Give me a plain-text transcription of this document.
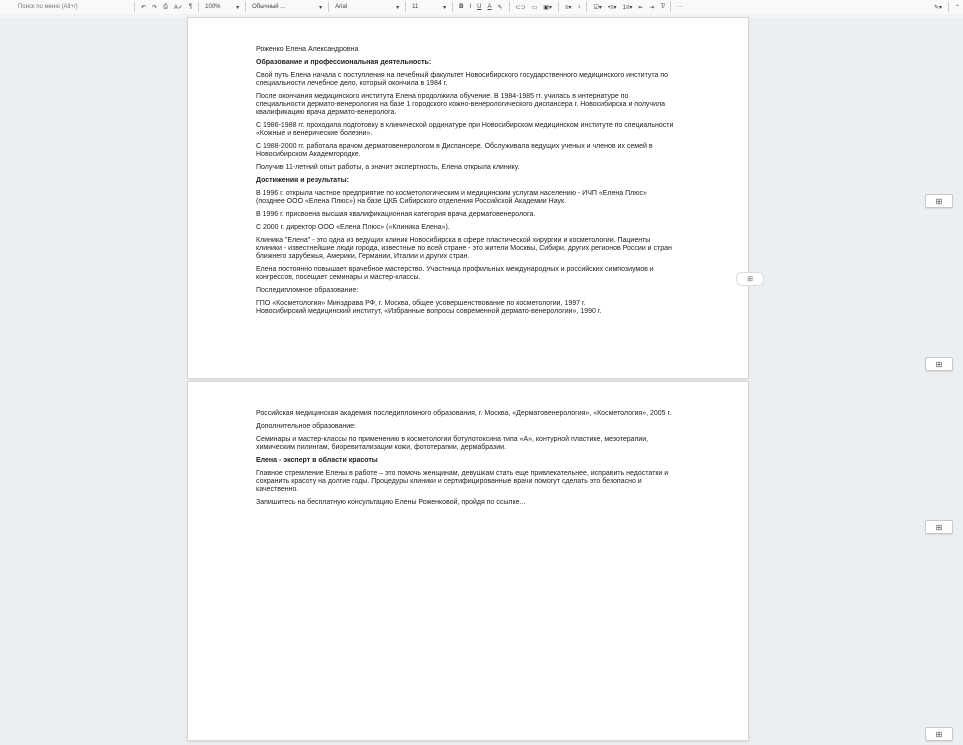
Поиск по меню (Alt+/)	↶	↷	⎙	A✓	¶	100%	▾ Обычный ...	▾ Arial	▾ 11	▾	B	I	U	A	✎	⊂⊃	▭	▣▾	≡▾	↕	☑▾	•≡▾	1≡▾	⇤	⇥	T̸	···	✎▾	⌃

Роженко Елена Александровна

Образование и профессиональная деятельность:

Свой путь Елена начала с поступления на лечебный факультет Новосибирского государственного медицинского института по специальности лечебное дело, который окончила в 1984 г.

После окончания медицинского института Елена продолжила обучение. В 1984-1985 гг. училась в интернатуре по специальности дермато-венерология на базе 1 городского кожно-венерологического диспансера г. Новосибирска и получила квалификацию врача дермато-венеролога.

С 1986-1988 гг. проходила подготовку в клинической ординатуре при Новосибирском медицинском институте по специальности «Кожные и венерические болезни».

С 1988-2000 гг. работала врачом дерматовенерологом в Диспансере. Обслуживала ведущих ученых и членов их семей в Новосибирском Академгородке.

Получив 11-летний опыт работы, а значит экспертность, Елена открыла клинику.

Достижения и результаты:

В 1996 г. открыла частное предприятие по косметологическим и медицинским услугам населению - ИЧП «Елена Плюс» (позднее ООО «Елена Плюс») на базе ЦКБ Сибирского отделения Российской Академии Наук.

В 1996 г. присвоена высшая квалификационная категория врача дерматовенеролога.

С 2000 г. директор ООО «Елена Плюс» («Клиника Елена»).

Клиника "Елена" - это одна из ведущих клиник Новосибирска в сфере пластической хирургии и косметологии. Пациенты клиники - известнейшие люди города, известные по всей стране - это жители Москвы, Сибири, других регионов России и стран ближнего зарубежья, Америки, Германии, Италии и других стран.

Елена постоянно повышает врачебное мастерство. Участница профильных международных и российских симпозиумов и конгрессов, посещает семинары и мастер-классы.

Последипломное образование:

ГПО «Косметология» Минздрава РФ, г. Москва, общее усовершенствование по косметологии, 1997 г.

Новосибирский медицинский институт, «Избранные вопросы современной дермато-венерологии», 1990 г.

⊞

Российская медицинская академия последипломного образования, г. Москва, «Дерматовенерология», «Косметология», 2005 г.

Дополнительное образование:

Семинары и мастер-классы по применению в косметологии ботулотоксина типа «А», контурной пластике, мезотерапии, химическим пилингам, биоревитализации кожи, фототерапии, дермабразии.

Елена - эксперт в области красоты

Главное стремление Елены в работе – это помочь женщинам, девушкам стать еще привлекательнее, исправить недостатки и сохранить красоту на долгие годы. Процедуры клиники и сертифицированные врачи помогут сделать это безопасно и качественно.

Запишитесь на бесплатную консультацию Елены Роженковой, пройдя по ссылке...

⊞
⊞
⊞
⊞
